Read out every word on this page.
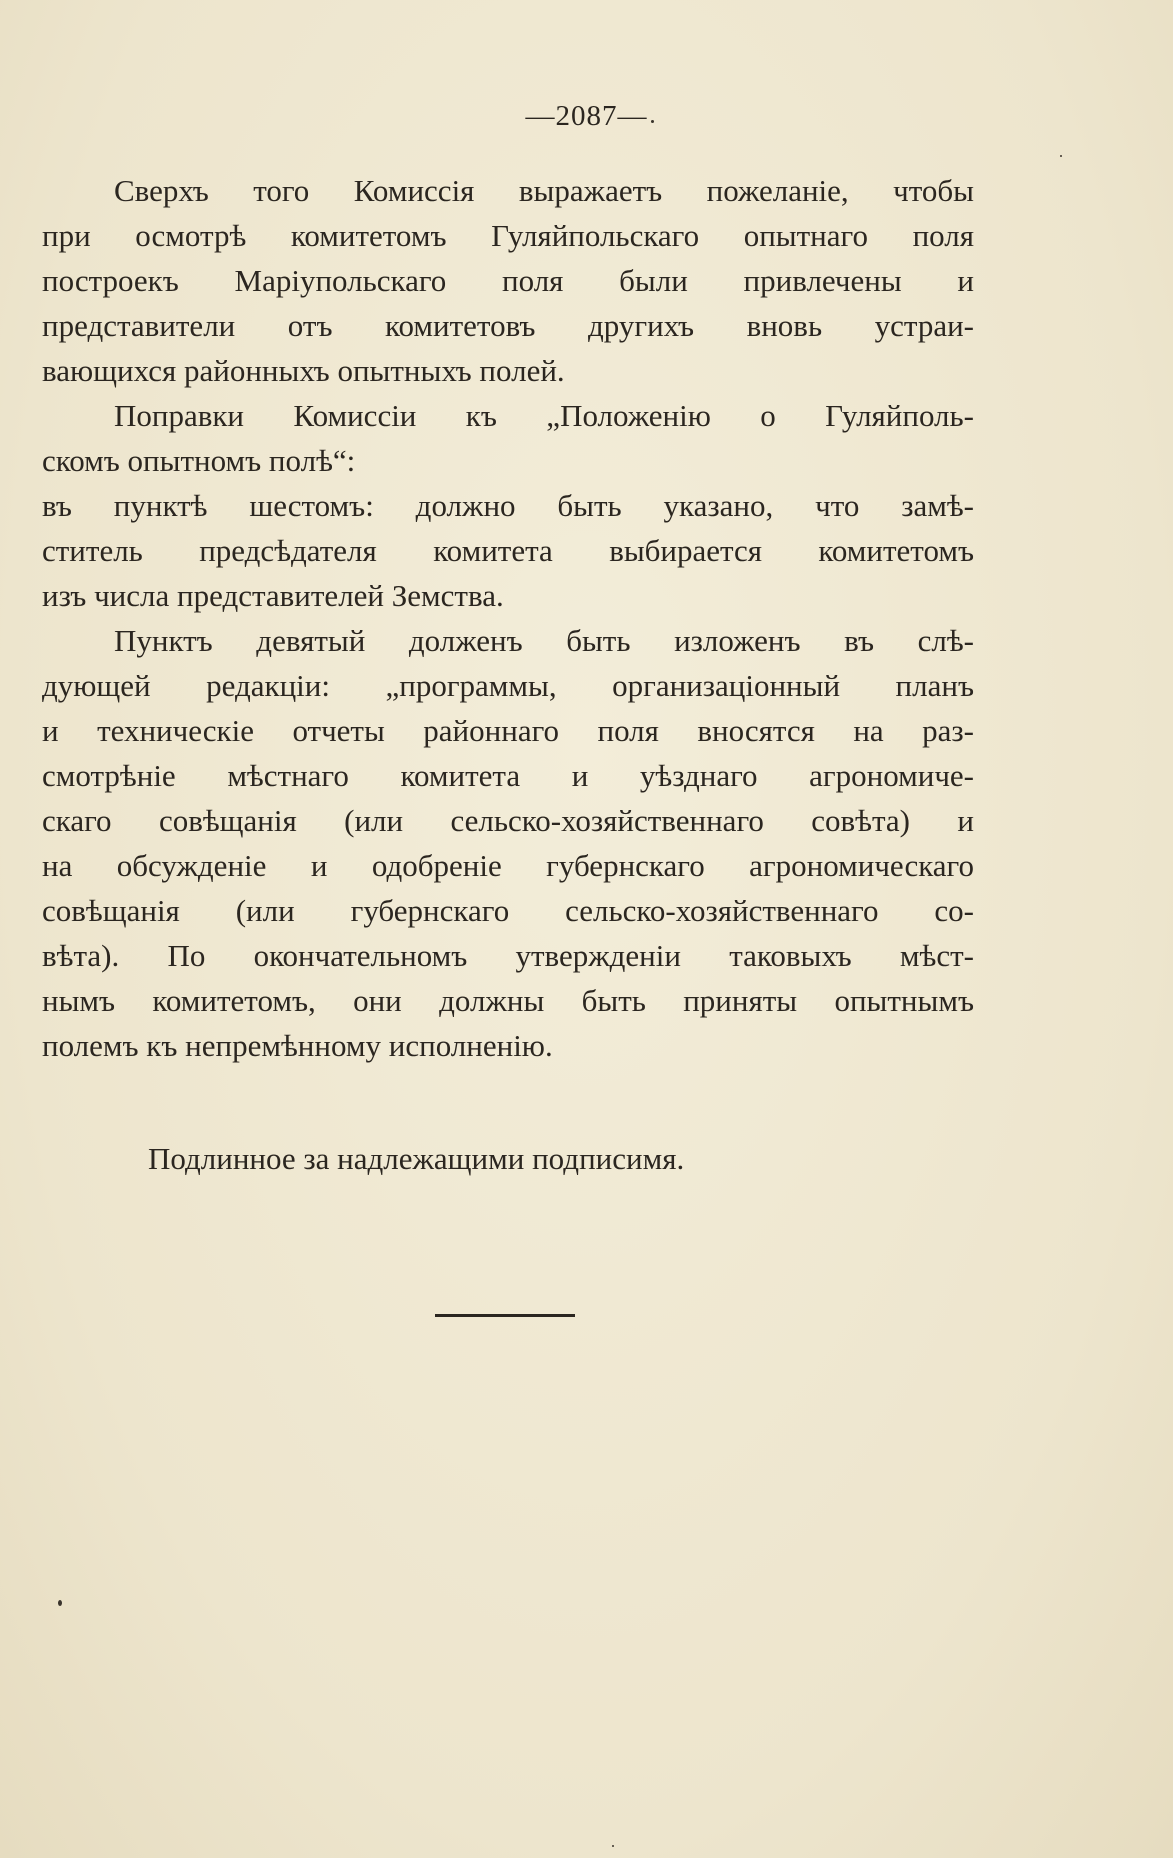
—2087—
Сверхъ того Комиссія выражаетъ пожеланіе, чтобы
при осмотрѣ комитетомъ Гуляйпольскаго опытнаго поля
построекъ Маріупольскаго поля были привлечены и
представители отъ комитетовъ другихъ вновь устраи-
вающихся районныхъ опытныхъ полей.
Поправки Комиссіи къ „Положенію о Гуляйполь-
скомъ опытномъ полѣ“:
въ пунктѣ шестомъ: должно быть указано, что замѣ-
ститель предсѣдателя комитета выбирается комитетомъ
изъ числа представителей Земства.
Пунктъ девятый долженъ быть изложенъ въ слѣ-
дующей редакціи: „программы, организаціонный планъ
и техническіе отчеты районнаго поля вносятся на раз-
смотрѣніе мѣстнаго комитета и уѣзднаго агрономиче-
скаго совѣщанія (или сельско-хозяйственнаго совѣта) и
на обсужденіе и одобреніе губернскаго агрономическаго
совѣщанія (или губернскаго сельско-хозяйственнаго со-
вѣта). По окончательномъ утвержденіи таковыхъ мѣст-
нымъ комитетомъ, они должны быть приняты опытнымъ
полемъ къ непремѣнному исполненію.
Подлинное за надлежащими подписимя.
